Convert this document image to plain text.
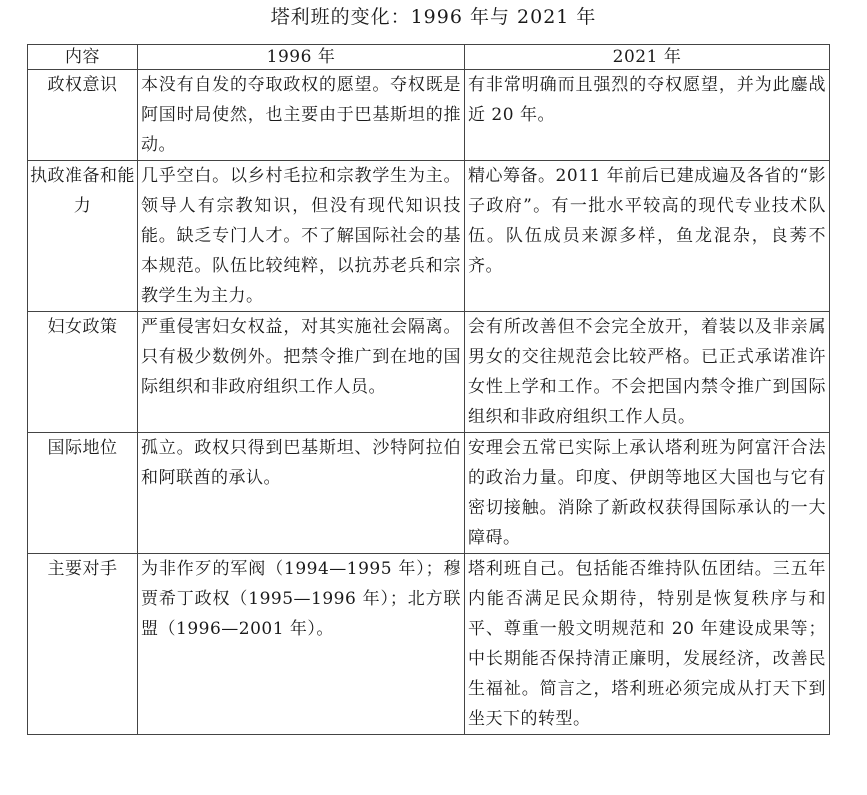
塔利班的变化：1996 年与 2021 年
内容	1996 年	2021 年
政权意识	本没有自发的夺取政权的愿望。夺权既是阿国时局使然，也主要由于巴基斯坦的推动。	有非常明确而且强烈的夺权愿望，并为此鏖战近 20 年。
执政准备和能力	几乎空白。以乡村毛拉和宗教学生为主。领导人有宗教知识，但没有现代知识技能。缺乏专门人才。不了解国际社会的基本规范。队伍比较纯粹，以抗苏老兵和宗教学生为主力。	精心筹备。2011 年前后已建成遍及各省的“影子政府”。有一批水平较高的现代专业技术队伍。队伍成员来源多样，鱼龙混杂，良莠不齐。
妇女政策	严重侵害妇女权益，对其实施社会隔离。只有极少数例外。把禁令推广到在地的国际组织和非政府组织工作人员。	会有所改善但不会完全放开，着装以及非亲属男女的交往规范会比较严格。已正式承诺准许女性上学和工作。不会把国内禁令推广到国际组织和非政府组织工作人员。
国际地位	孤立。政权只得到巴基斯坦、沙特阿拉伯和阿联酋的承认。	安理会五常已实际上承认塔利班为阿富汗合法的政治力量。印度、伊朗等地区大国也与它有密切接触。消除了新政权获得国际承认的一大障碍。
主要对手	为非作歹的军阀（1994—1995 年）；穆贾希丁政权（1995—1996 年）；北方联盟（1996—2001 年）。	塔利班自己。包括能否维持队伍团结。三五年内能否满足民众期待，特别是恢复秩序与和平、尊重一般文明规范和 20 年建设成果等；中长期能否保持清正廉明，发展经济，改善民生福祉。简言之，塔利班必须完成从打天下到坐天下的转型。
